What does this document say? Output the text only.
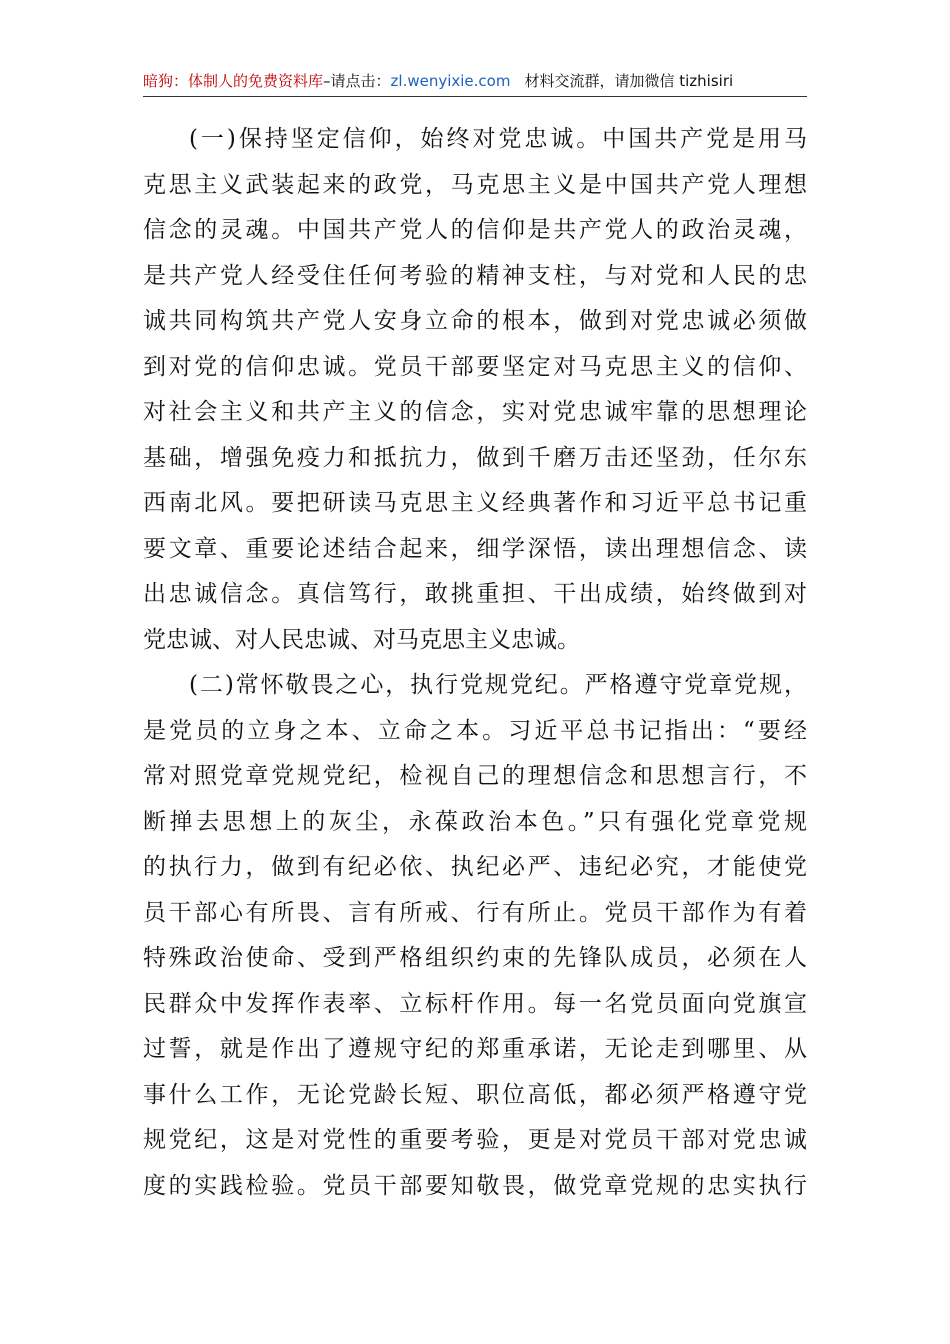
暗狗：体制人的免费资料库–请点击：zl.wenyixie.com 材料交流群，请加微信 tizhisiri
(一)保持坚定信仰，始终对党忠诚。中国共产党是用马
克思主义武装起来的政党，马克思主义是中国共产党人理想
信念的灵魂。中国共产党人的信仰是共产党人的政治灵魂，
是共产党人经受住任何考验的精神支柱，与对党和人民的忠
诚共同构筑共产党人安身立命的根本，做到对党忠诚必须做
到对党的信仰忠诚。党员干部要坚定对马克思主义的信仰、
对社会主义和共产主义的信念，实对党忠诚牢靠的思想理论
基础，增强免疫力和抵抗力，做到千磨万击还坚劲，任尔东
西南北风。要把研读马克思主义经典著作和习近平总书记重
要文章、重要论述结合起来，细学深悟，读出理想信念、读
出忠诚信念。真信笃行，敢挑重担、干出成绩，始终做到对
党忠诚、对人民忠诚、对马克思主义忠诚。
(二)常怀敬畏之心，执行党规党纪。严格遵守党章党规，
是党员的立身之本、立命之本。习近平总书记指出：“要经
常对照党章党规党纪，检视自己的理想信念和思想言行，不
断掸去思想上的灰尘，永葆政治本色。”只有强化党章党规
的执行力，做到有纪必依、执纪必严、违纪必究，才能使党
员干部心有所畏、言有所戒、行有所止。党员干部作为有着
特殊政治使命、受到严格组织约束的先锋队成员，必须在人
民群众中发挥作表率、立标杆作用。每一名党员面向党旗宣
过誓，就是作出了遵规守纪的郑重承诺，无论走到哪里、从
事什么工作，无论党龄长短、职位高低，都必须严格遵守党
规党纪，这是对党性的重要考验，更是对党员干部对党忠诚
度的实践检验。党员干部要知敬畏，做党章党规的忠实执行
